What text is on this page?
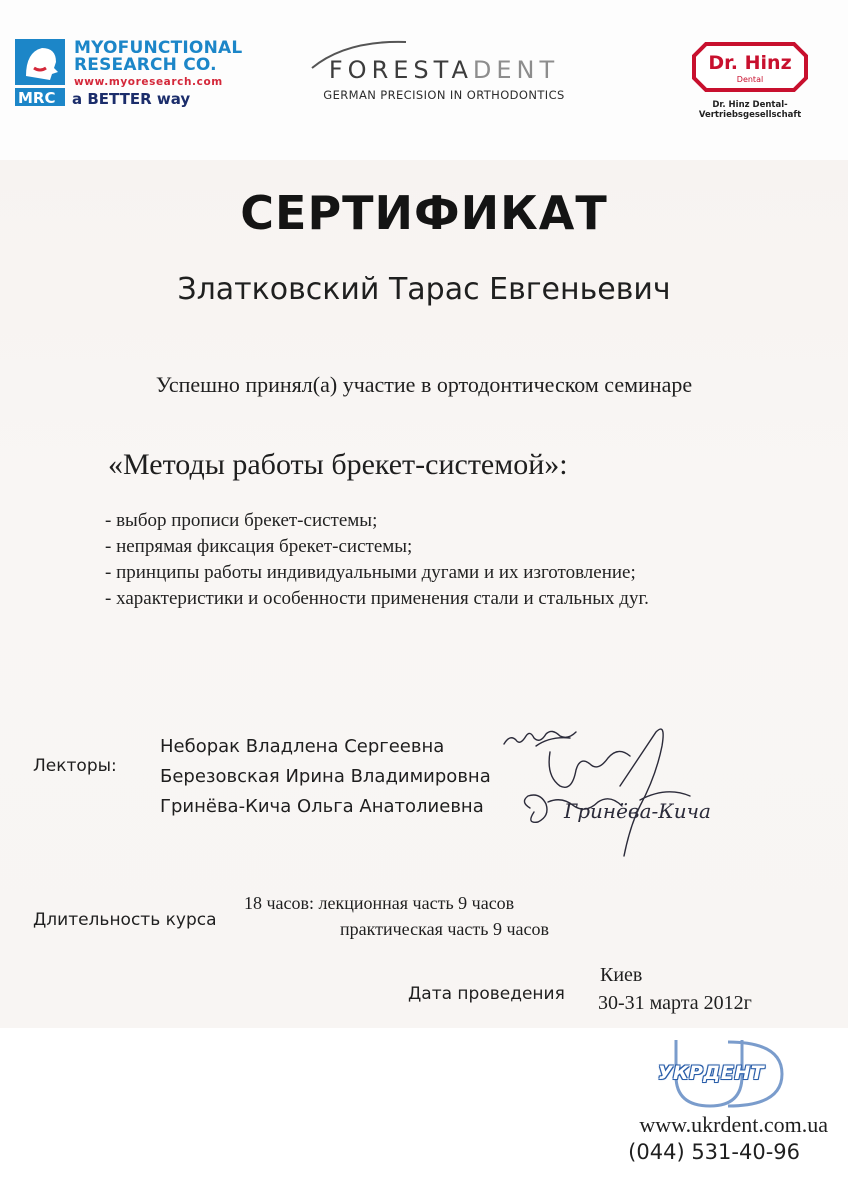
MRC
MYOFUNCTIONAL
RESEARCH CO.
www.myoresearch.com
a BETTER way
FORESTADENT
GERMAN PRECISION IN ORTHODONTICS
Dr. Hinz
Dental
Dr. Hinz Dental-Vertriebsgesellschaft
СЕРТИФИКАТ
Златковский Тарас Евгеньевич
Успешно принял(а) участие в ортодонтическом семинаре
«Методы работы брекет-системой»:
- выбор прописи брекет-системы;
- непрямая фиксация брекет-системы;
- принципы работы индивидуальными дугами и их изготовление;
- характеристики и особенности применения стали и стальных дуг.
Лекторы:
Неборак Владлена Сергеевна
Березовская Ирина Владимировна
Гринёва-Кича Ольга Анатолиевна	Гринёва-Кича
Длительность курса
18 часов: лекционная часть 9 часов
практическая часть 9 часов
Дата проведения
Киев
30-31 марта 2012г
УКРДЕНТ
www.ukrdent.com.ua
(044) 531-40-96
